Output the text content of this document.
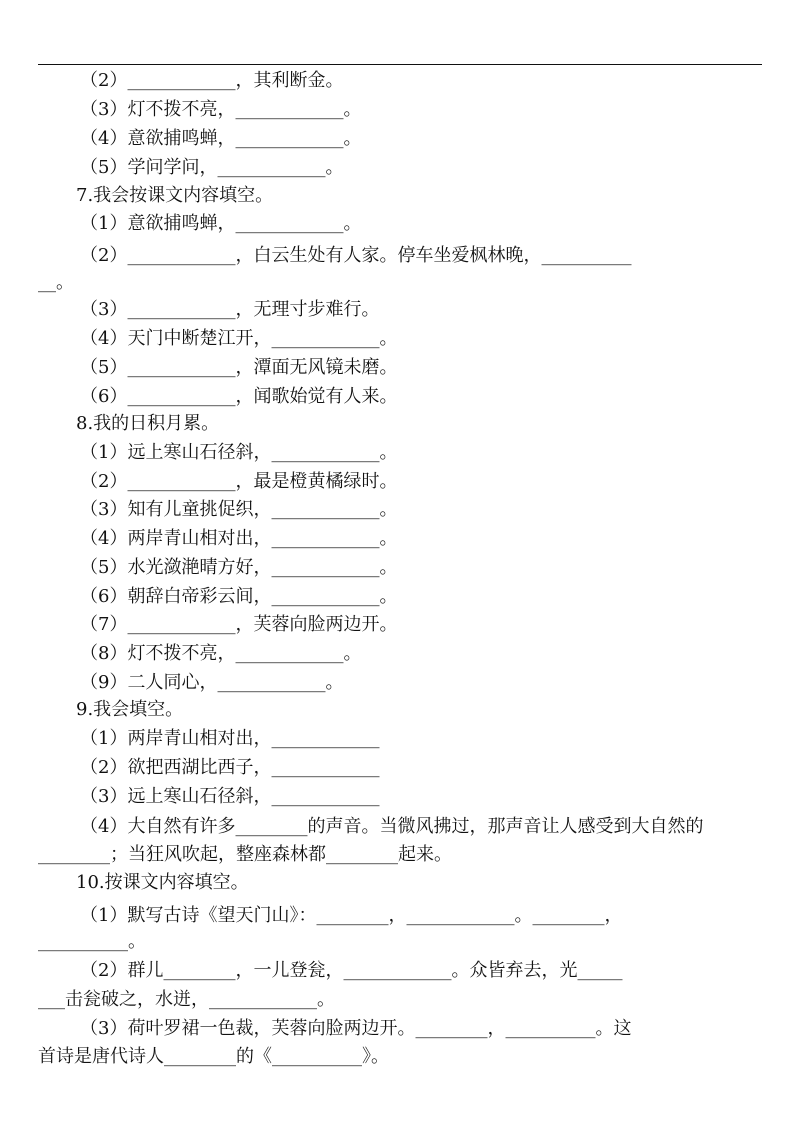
（2）____________，其利断金。
（3）灯不拨不亮，____________。
（4）意欲捕鸣蝉，____________。
（5）学问学问，____________。
7.我会按课文内容填空。
（1）意欲捕鸣蝉，____________。
（2）____________，白云生处有人家。停车坐爱枫林晚，__________
__。
（3）____________，无理寸步难行。
（4）天门中断楚江开，____________。
（5）____________，潭面无风镜未磨。
（6）____________，闻歌始觉有人来。
8.我的日积月累。
（1）远上寒山石径斜，____________。
（2）____________，最是橙黄橘绿时。
（3）知有儿童挑促织，____________。
（4）两岸青山相对出，____________。
（5）水光潋滟晴方好，____________。
（6）朝辞白帝彩云间，____________。
（7）____________，芙蓉向脸两边开。
（8）灯不拨不亮，____________。
（9）二人同心，____________。
9.我会填空。
（1）两岸青山相对出，____________
（2）欲把西湖比西子，____________
（3）远上寒山石径斜，____________
（4）大自然有许多________的声音。当微风拂过，那声音让人感受到大自然的
________；当狂风吹起，整座森林都________起来。
10.按课文内容填空。
（1）默写古诗《望天门山》：________，____________。________，
__________。
（2）群儿________，一儿登瓮，____________。众皆弃去，光_____
___击瓮破之，水迸，____________。
（3）荷叶罗裙一色裁，芙蓉向脸两边开。________，__________。这
首诗是唐代诗人________的《__________》。
